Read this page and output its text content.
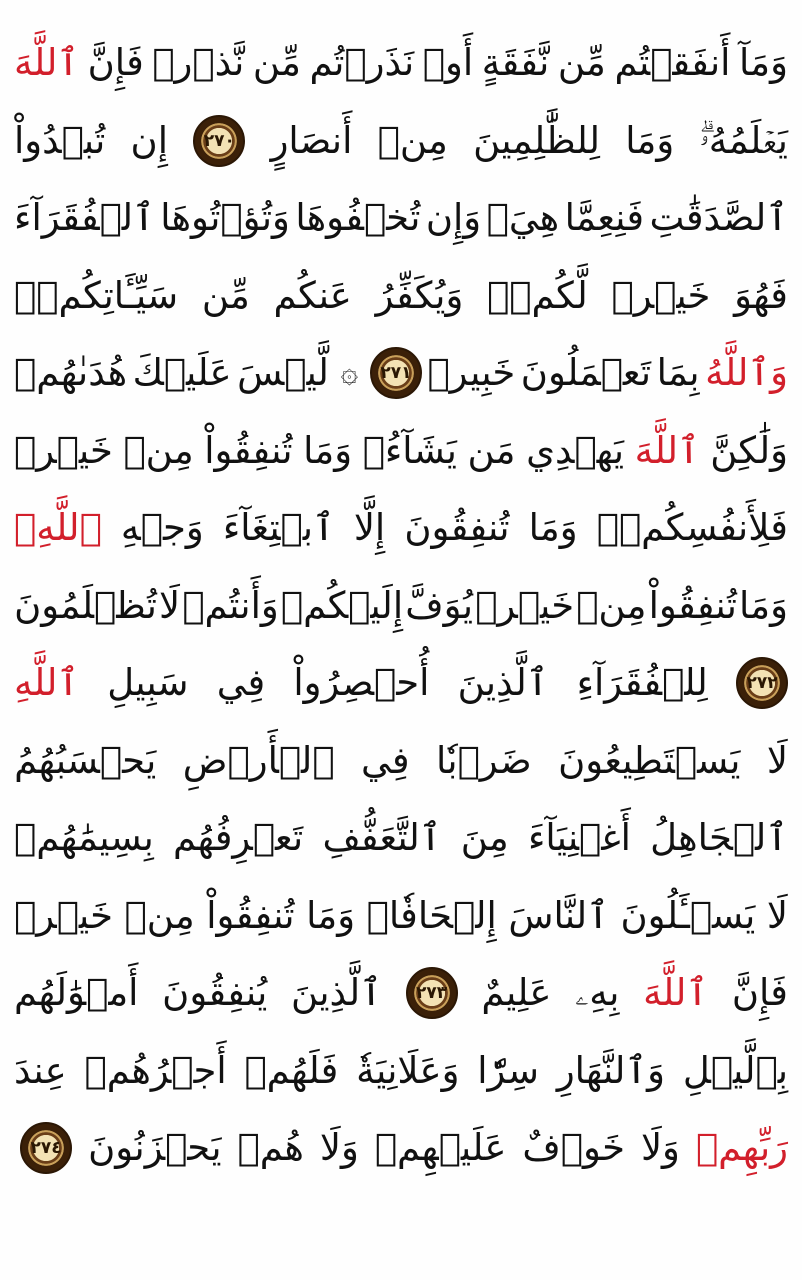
وَمَآ
أَنفَقۡتُم
مِّن
نَّفَقَةٍ
أَوۡ
نَذَرۡتُم
مِّن
نَّذۡرٖ
فَإِنَّ
ٱللَّهَ
يَعۡلَمُهُۥۗ
وَمَا
لِلظَّٰلِمِينَ
مِنۡ
أَنصَارٍ
٢٧٠
إِن
تُبۡدُواْ
ٱلصَّدَقَٰتِ
فَنِعِمَّا
هِيَۖ
وَإِن
تُخۡفُوهَا
وَتُؤۡتُوهَا
ٱلۡفُقَرَآءَ
فَهُوَ
خَيۡرٞ
لَّكُمۡۚ
وَيُكَفِّرُ
عَنكُم
مِّن
سَيِّـَٔاتِكُمۡۗ
وَٱللَّهُ
بِمَا
تَعۡمَلُونَ
خَبِيرٞ
٢٧١
۞
لَّيۡسَ
عَلَيۡكَ
هُدَىٰهُمۡ
وَلَٰكِنَّ
ٱللَّهَ
يَهۡدِي
مَن
يَشَآءُۗ
وَمَا
تُنفِقُواْ
مِنۡ
خَيۡرٖ
فَلِأَنفُسِكُمۡۚ
وَمَا
تُنفِقُونَ
إِلَّا
ٱبۡتِغَآءَ
وَجۡهِ
ٱللَّهِۚ
وَمَا
تُنفِقُواْ
مِنۡ
خَيۡرٖ
يُوَفَّ
إِلَيۡكُمۡ
وَأَنتُمۡ
لَا
تُظۡلَمُونَ
٢٧٢
لِلۡفُقَرَآءِ
ٱلَّذِينَ
أُحۡصِرُواْ
فِي
سَبِيلِ
ٱللَّهِ
لَا
يَسۡتَطِيعُونَ
ضَرۡبٗا
فِي
ٱلۡأَرۡضِ
يَحۡسَبُهُمُ
ٱلۡجَاهِلُ
أَغۡنِيَآءَ
مِنَ
ٱلتَّعَفُّفِ
تَعۡرِفُهُم
بِسِيمَٰهُمۡ
لَا
يَسۡـَٔلُونَ
ٱلنَّاسَ
إِلۡحَافٗاۗ
وَمَا
تُنفِقُواْ
مِنۡ
خَيۡرٖ
فَإِنَّ
ٱللَّهَ
بِهِۦ
عَلِيمٌ
٢٧٣
ٱلَّذِينَ
يُنفِقُونَ
أَمۡوَٰلَهُم
بِٱلَّيۡلِ
وَٱلنَّهَارِ
سِرّٗا
وَعَلَانِيَةٗ
فَلَهُمۡ
أَجۡرُهُمۡ
عِندَ
رَبِّهِمۡ
وَلَا
خَوۡفٌ
عَلَيۡهِمۡ
وَلَا
هُمۡ
يَحۡزَنُونَ
٢٧٤
